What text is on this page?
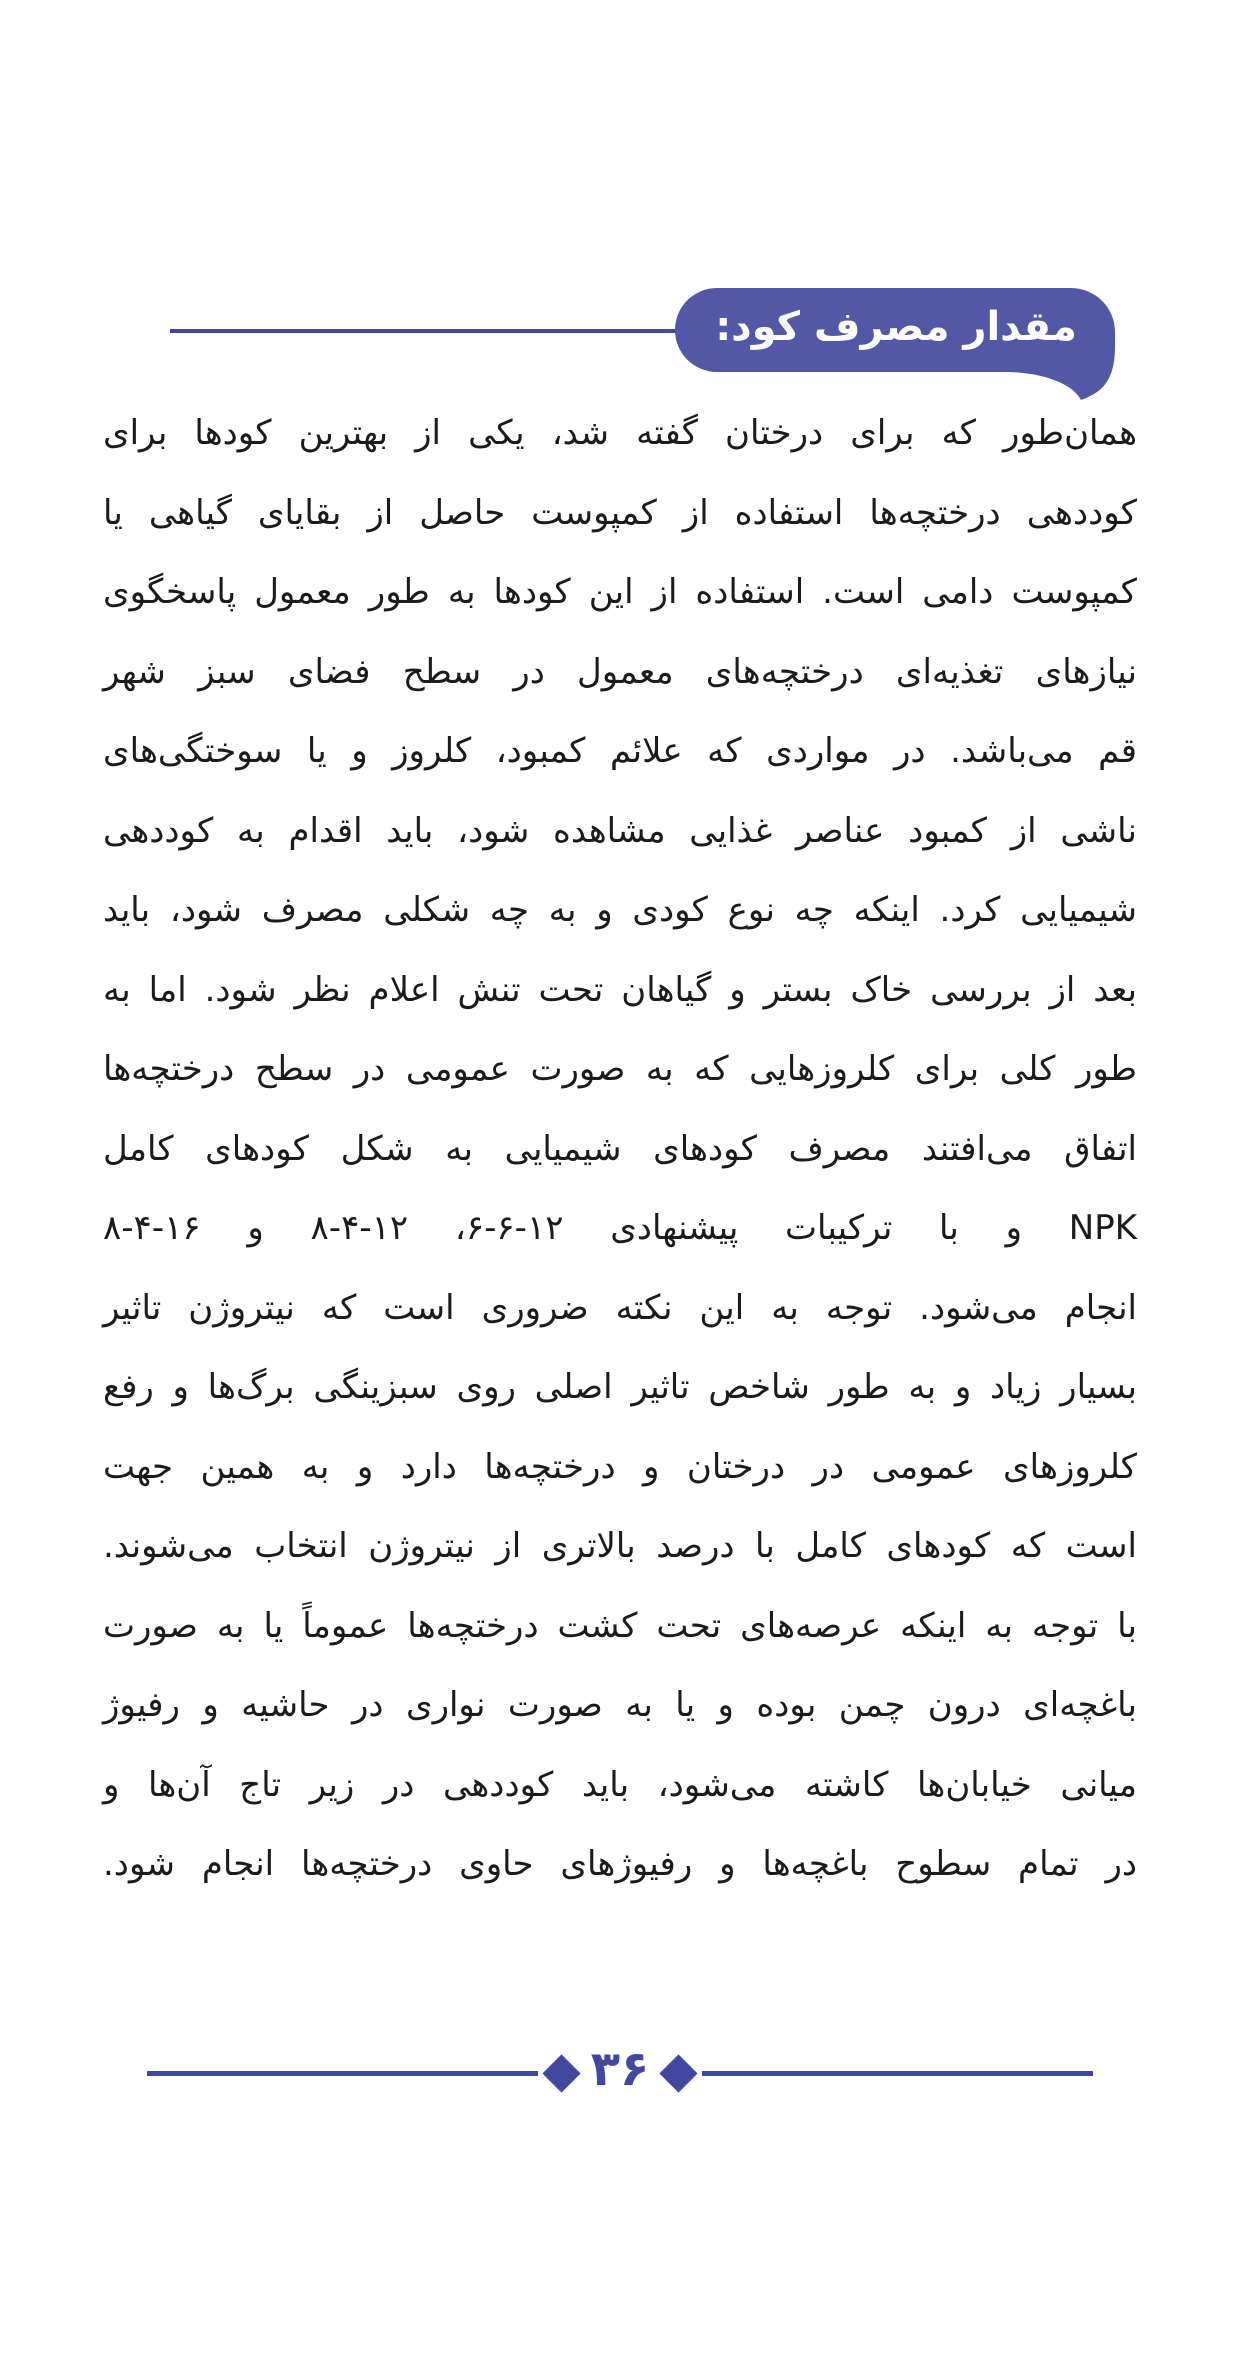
مقدار مصرف کود:
همان‌طور که برای درختان گفته شد، یکی از بهترین کودها برای
کوددهی درختچه‌ها استفاده از کمپوست حاصل از بقایای گیاهی یا
کمپوست دامی است. استفاده از این کودها به طور معمول پاسخگوی
نیازهای تغذیه‌ای درختچه‌های معمول در سطح فضای سبز شهر
قم می‌باشد. در مواردی که علائم کمبود، کلروز و یا سوختگی‌های
ناشی از کمبود عناصر غذایی مشاهده شود، باید اقدام به کوددهی
شیمیایی کرد. اینکه چه نوع کودی و به چه شکلی مصرف شود، باید
بعد از بررسی خاک بستر و گیاهان تحت تنش اعلام نظر شود. اما به
طور کلی برای کلروزهایی که به صورت عمومی در سطح درختچه‌ها
اتفاق می‌افتند مصرف کودهای شیمیایی به شکل کودهای کامل
NPK و با ترکیبات پیشنهادی ۱۲-۶-۶، ۱۲-۴-۸ و ۱۶-۴-۸
انجام می‌شود. توجه به این نکته ضروری است که نیتروژن تاثیر
بسیار زیاد و به طور شاخص تاثیر اصلی روی سبزینگی برگ‌ها و رفع
کلروزهای عمومی در درختان و درختچه‌ها دارد و به همین جهت
است که کودهای کامل با درصد بالاتری از نیتروژن انتخاب می‌شوند.
با توجه به اینکه عرصه‌های تحت کشت درختچه‌ها عموماً یا به صورت
باغچه‌ای درون چمن بوده و یا به صورت نواری در حاشیه و رفیوژ
میانی خیابان‌ها کاشته می‌شود، باید کوددهی در زیر تاج آن‌ها و
در تمام سطوح باغچه‌ها و رفیوژهای حاوی درختچه‌ها انجام شود.
۳۶
